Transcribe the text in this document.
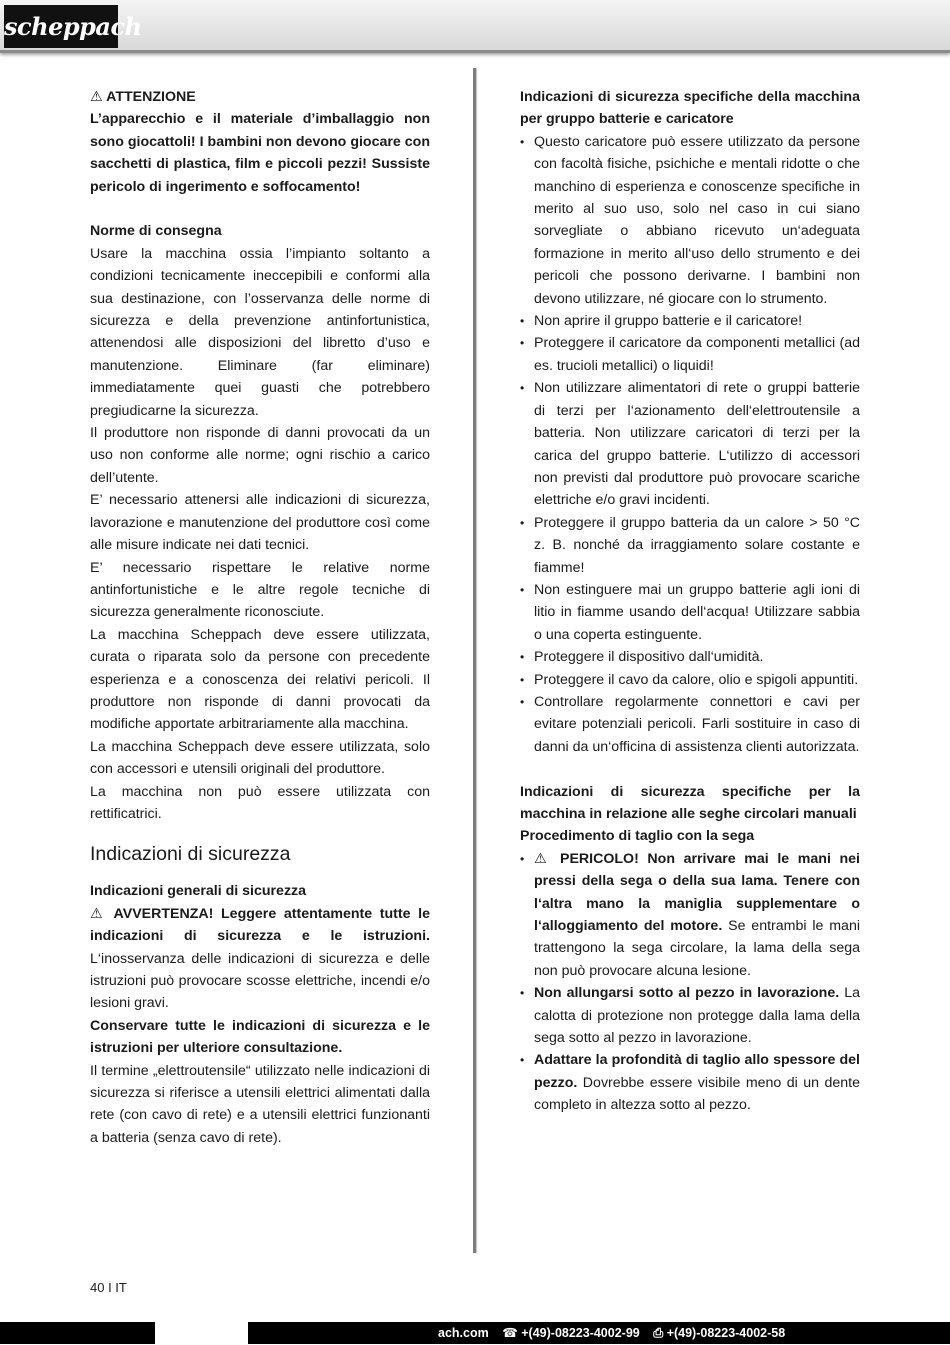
scheppach

⚠ ATTENZIONE

L’apparecchio e il materiale d’imballaggio non sono giocattoli! I bambini non devono giocare con sacchetti di plastica, film e piccoli pezzi! Sussiste pericolo di ingerimento e soffocamento!

Norme di consegna

Usare la macchina ossia l’impianto soltanto a condizioni tecnicamente ineccepibili e conformi alla sua destinazione, con l’osservanza delle norme di sicurezza e della prevenzione antinfortunistica, attenendosi alle disposizioni del libretto d’uso e manutenzione. Eliminare (far eliminare) immediatamente quei guasti che potrebbero pregiudicarne la sicurezza.

Il produttore non risponde di danni provocati da un uso non conforme alle norme; ogni rischio a carico dell’utente.

E’ necessario attenersi alle indicazioni di sicurezza, lavorazione e manutenzione del produttore così come alle misure indicate nei dati tecnici.

E’ necessario rispettare le relative norme antinfortunistiche e le altre regole tecniche di sicurezza generalmente riconosciute.

La macchina Scheppach deve essere utilizzata, curata o riparata solo da persone con precedente esperienza e a conoscenza dei relativi pericoli. Il produttore non risponde di danni provocati da modifiche apportate arbitrariamente alla macchina.

La macchina Scheppach deve essere utilizzata, solo con accessori e utensili originali del produttore.

La macchina non può essere utilizzata con rettificatrici.

Indicazioni di sicurezza

Indicazioni generali di sicurezza

⚠ AVVERTENZA! Leggere attentamente tutte le indicazioni di sicurezza e le istruzioni. L‘inosservanza delle indicazioni di sicurezza e delle istruzioni può provocare scosse elettriche, incendi e/o lesioni gravi.

Conservare tutte le indicazioni di sicurezza e le istruzioni per ulteriore consultazione.

Il termine „elettroutensile“ utilizzato nelle indicazioni di sicurezza si riferisce a utensili elettrici alimentati dalla rete (con cavo di rete) e a utensili elettrici funzionanti a batteria (senza cavo di rete).

Indicazioni di sicurezza specifiche della macchina per gruppo batterie e caricatore

• Questo caricatore può essere utilizzato da persone con facoltà fisiche, psichiche e mentali ridotte o che manchino di esperienza e conoscenze specifiche in merito al suo uso, solo nel caso in cui siano sorvegliate o abbiano ricevuto un‘adeguata formazione in merito all‘uso dello strumento e dei pericoli che possono derivarne. I bambini non devono utilizzare, né giocare con lo strumento.
• Non aprire il gruppo batterie e il caricatore!
• Proteggere il caricatore da componenti metallici (ad es. trucioli metallici) o liquidi!
• Non utilizzare alimentatori di rete o gruppi batterie di terzi per l‘azionamento dell‘elettroutensile a batteria. Non utilizzare caricatori di terzi per la carica del gruppo batterie. L‘utilizzo di accessori non previsti dal produttore può provocare scariche elettriche e/o gravi incidenti.
• Proteggere il gruppo batteria da un calore > 50 °C z. B. nonché da irraggiamento solare costante e fiamme!
• Non estinguere mai un gruppo batterie agli ioni di litio in fiamme usando dell‘acqua! Utilizzare sabbia o una coperta estinguente.
• Proteggere il dispositivo dall‘umidità.
• Proteggere il cavo da calore, olio e spigoli appuntiti.
• Controllare regolarmente connettori e cavi per evitare potenziali pericoli. Farli sostituire in caso di danni da un‘officina di assistenza clienti autorizzata.

Indicazioni di sicurezza specifiche per la macchina in relazione alle seghe circolari manuali

Procedimento di taglio con la sega

• ⚠ PERICOLO! Non arrivare mai le mani nei pressi della sega o della sua lama. Tenere con l‘altra mano la maniglia supplementare o l‘alloggiamento del motore. Se entrambi le mani trattengono la sega circolare, la lama della sega non può provocare alcuna lesione.
• Non allungarsi sotto al pezzo in lavorazione. La calotta di protezione non protegge dalla lama della sega sotto al pezzo in lavorazione.
• Adattare la profondità di taglio allo spessore del pezzo. Dovrebbe essere visibile meno di un dente completo in altezza sotto al pezzo.
40 I IT
ach.com ☎ +(49)-08223-4002-99 ⎙ +(49)-08223-4002-58
